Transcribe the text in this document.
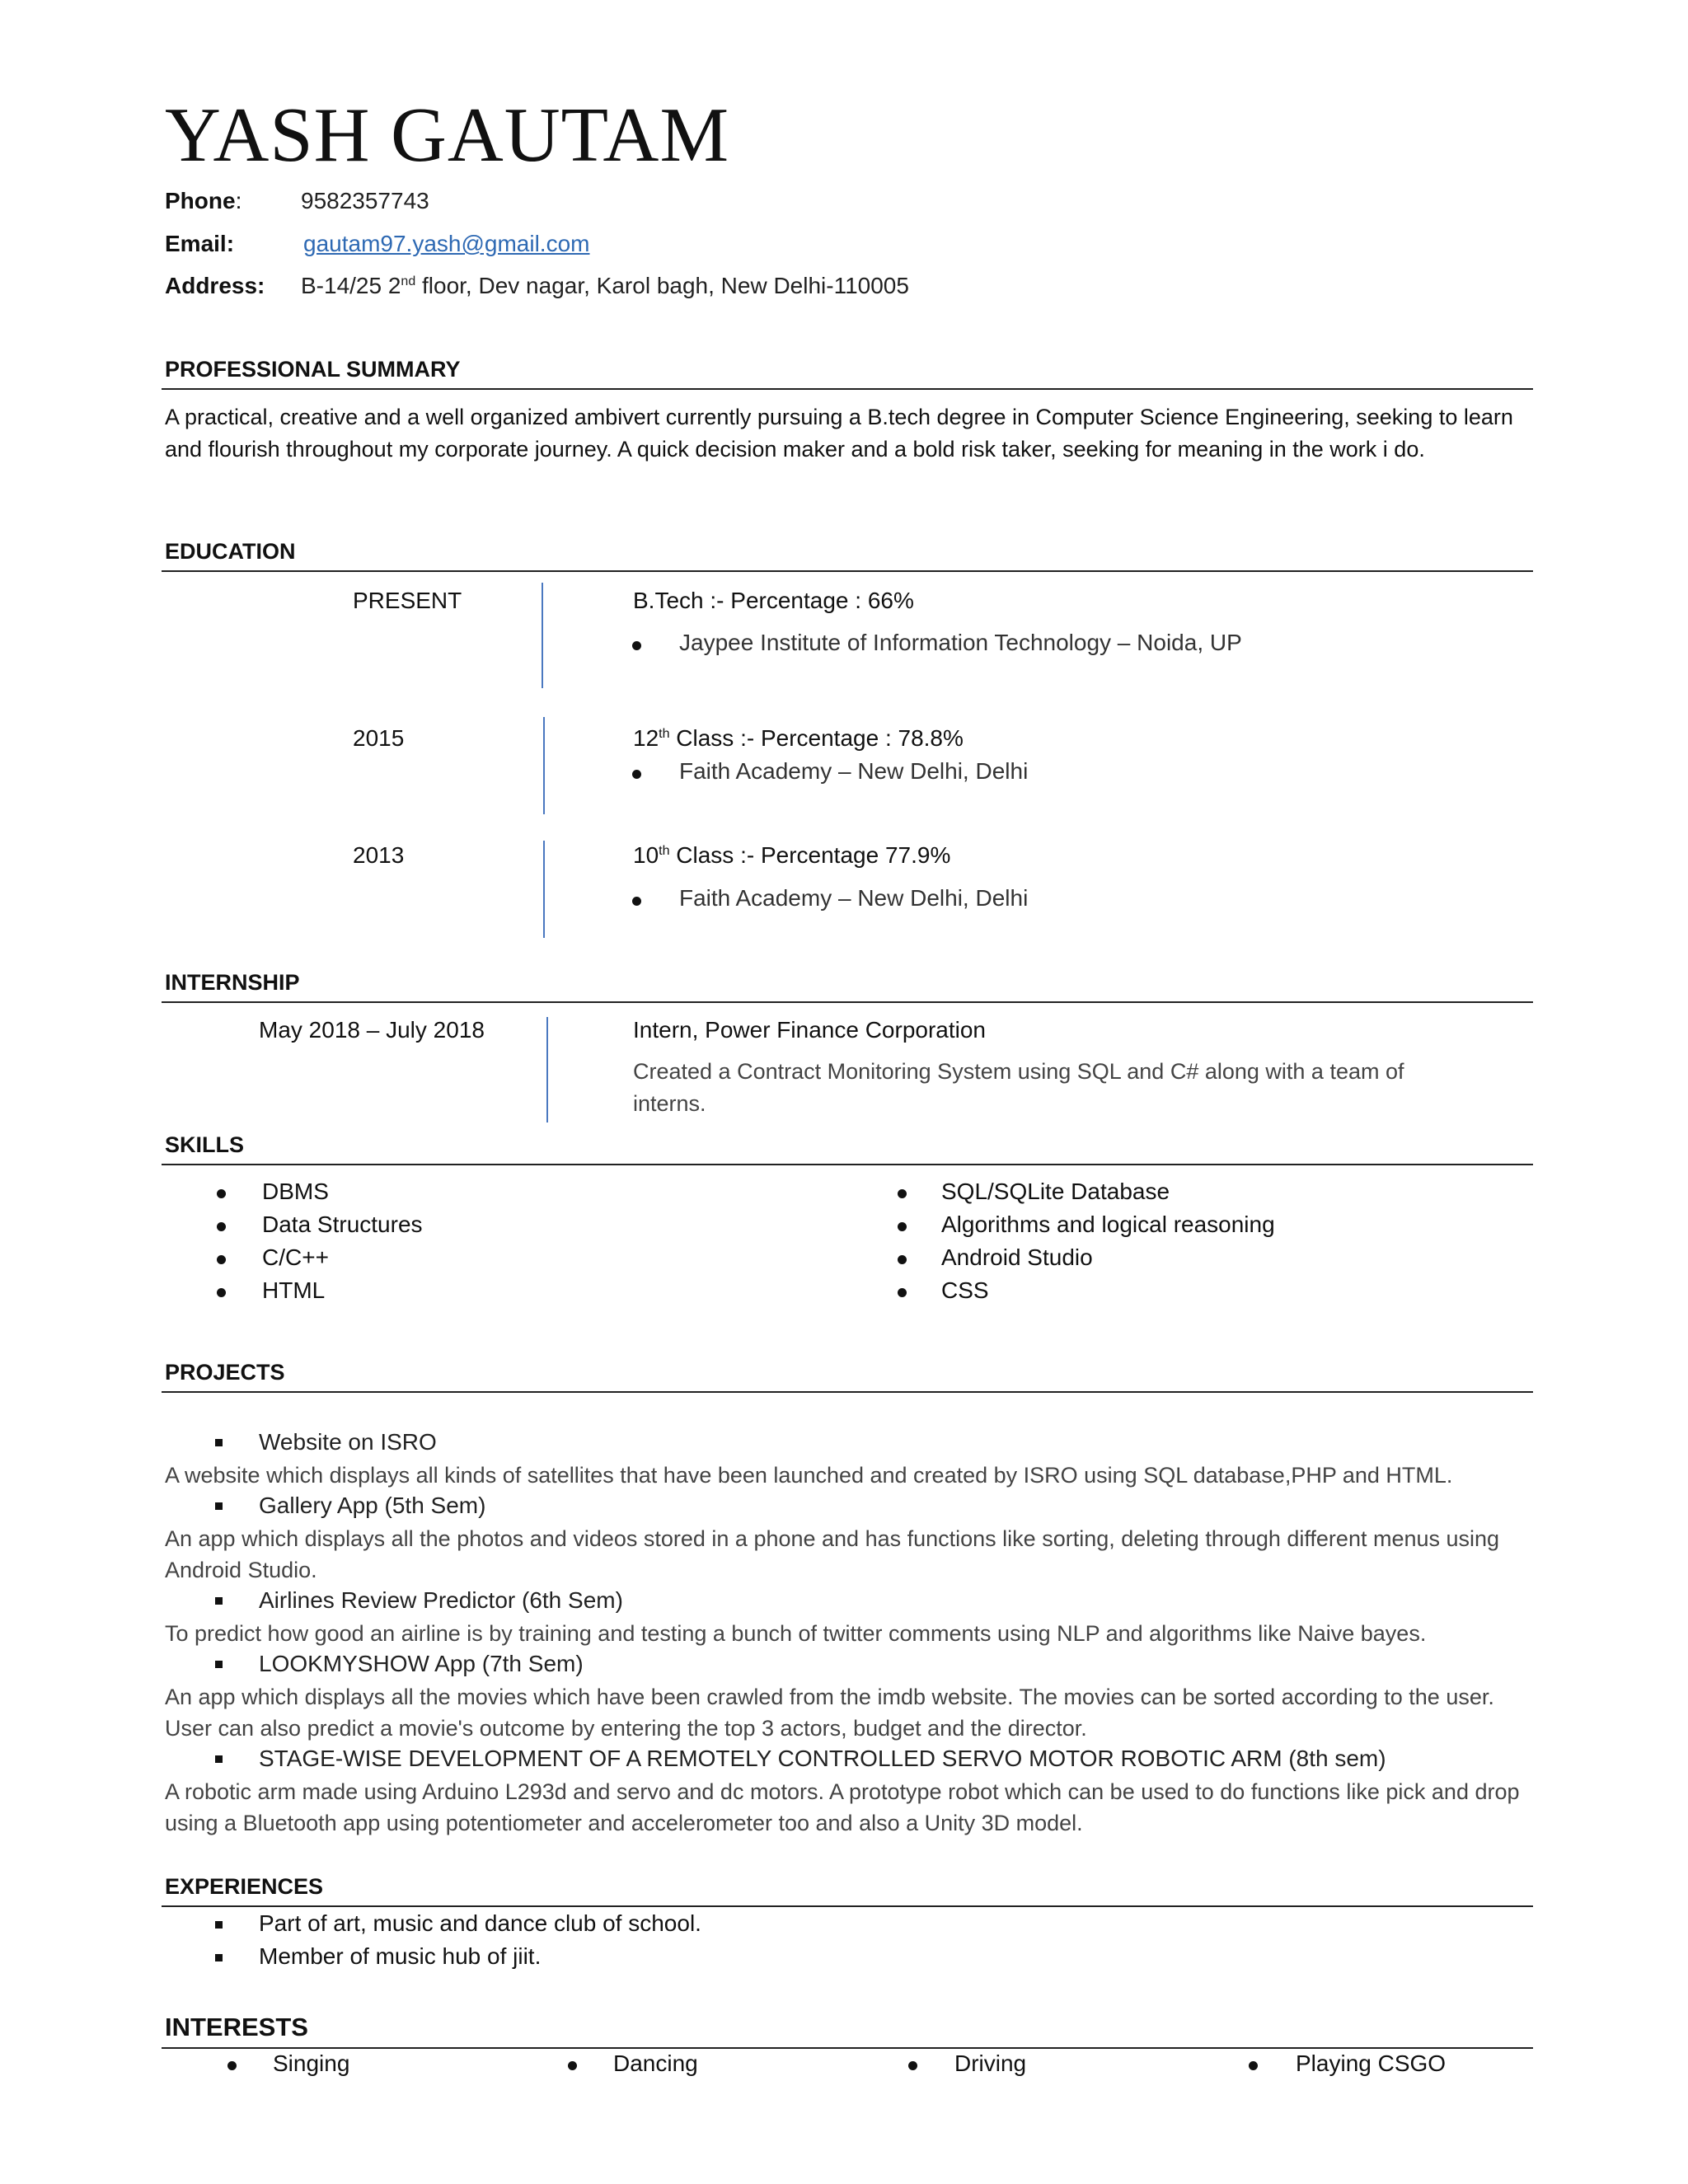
YASH GAUTAM
Phone:	9582357743
Email:	gautam97.yash@gmail.com
Address: B-14/25 2nd floor, Dev nagar, Karol bagh, New Delhi-110005
PROFESSIONAL SUMMARY
A practical, creative and a well organized ambivert currently pursuing a B.tech degree in Computer Science Engineering, seeking to learn and flourish throughout my corporate journey. A quick decision maker and a bold risk taker, seeking for meaning in the work i do.
EDUCATION
PRESENT	B.Tech :- Percentage : 66%
Jaypee Institute of Information Technology – Noida, UP
2015	12th Class :- Percentage : 78.8%
Faith Academy – New Delhi, Delhi
2013	10th Class :- Percentage 77.9%
Faith Academy – New Delhi, Delhi
INTERNSHIP
May 2018 – July 2018	Intern, Power Finance Corporation
Created a Contract Monitoring System using SQL and C# along with a team of interns.
SKILLS
DBMS
Data Structures
C/C++
HTML
SQL/SQLite Database
Algorithms and logical reasoning
Android Studio
CSS
PROJECTS
Website on ISRO
A website which displays all kinds of satellites that have been launched and created by ISRO using SQL database,PHP and HTML.
Gallery App (5th Sem)
An app which displays all the photos and videos stored in a phone and has functions like sorting, deleting through different menus using Android Studio.
Airlines Review Predictor (6th Sem)
To predict how good an airline is by training and testing a bunch of twitter comments using NLP and algorithms like Naive bayes.
LOOKMYSHOW App (7th Sem)
An app which displays all the movies which have been crawled from the imdb website. The movies can be sorted according to the user. User can also predict a movie's outcome by entering the top 3 actors, budget and the director.
STAGE-WISE DEVELOPMENT OF A REMOTELY CONTROLLED SERVO MOTOR ROBOTIC ARM (8th sem)
A robotic arm made using Arduino L293d and servo and dc motors. A prototype robot which can be used to do functions like pick and drop using a Bluetooth app using potentiometer and accelerometer too and also a Unity 3D model.
EXPERIENCES
Part of art, music and dance club of school.
Member of music hub of jiit.
INTERESTS
Singing	Dancing	Driving	Playing CSGO
